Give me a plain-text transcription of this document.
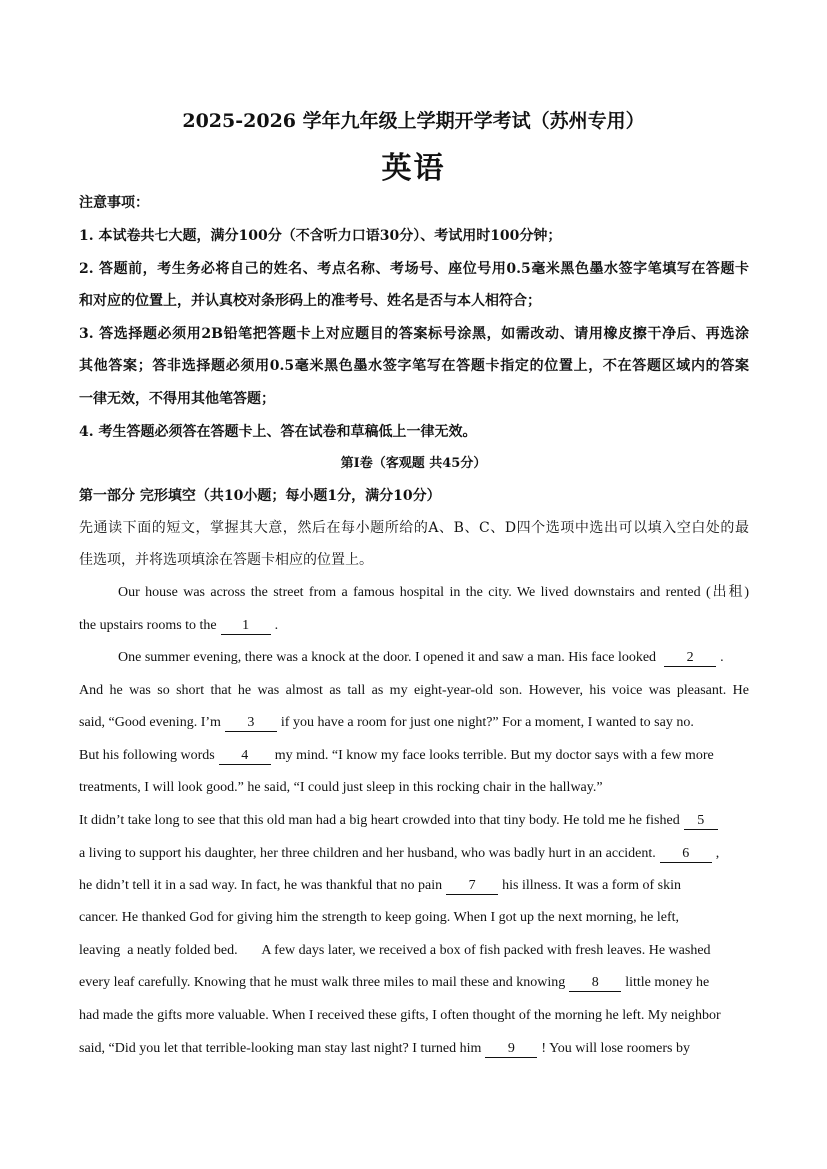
2025-2026 学年九年级上学期开学考试（苏州专用）
英语
注意事项：
1. 本试卷共七大题，满分100分（不含听力口语30分）、考试用时100分钟；
2. 答题前，考生务必将自己的姓名、考点名称、考场号、座位号用0.5毫米黑色墨水签字笔填写在答题卡
和对应的位置上，并认真校对条形码上的准考号、姓名是否与本人相符合；
3. 答选择题必须用2B铅笔把答题卡上对应题目的答案标号涂黑，如需改动、请用橡皮擦干净后、再选涂
其他答案；答非选择题必须用0.5毫米黑色墨水签字笔写在答题卡指定的位置上，不在答题区域内的答案
一律无效，不得用其他笔答题；
4. 考生答题必须答在答题卡上、答在试卷和草稿低上一律无效。
第Ⅰ卷（客观题 共45分）
第一部分 完形填空（共10小题；每小题1分，满分10分）
先通读下面的短文，掌握其大意，然后在每小题所给的A、B、C、D四个选项中选出可以填入空白处的最
佳选项，并将选项填涂在答题卡相应的位置上。
Our house was across the street from a famous hospital in the city. We lived downstairs and rented (出租)
the upstairs rooms to the 1 .
One summer evening, there was a knock at the door. I opened it and saw a man. His face looked 2 .
And he was so short that he was almost as tall as my eight-year-old son. However, his voice was pleasant. He
said, “Good evening. I’m 3 if you have a room for just one night?” For a moment, I wanted to say no.
But his following words 4 my mind. “I know my face looks terrible. But my doctor says with a few more
treatments, I will look good.” he said, “I could just sleep in this rocking chair in the hallway.”
It didn’t take long to see that this old man had a big heart crowded into that tiny body. He told me he fished 5
a living to support his daughter, her three children and her husband, who was badly hurt in an accident. 6 ,
he didn’t tell it in a sad way. In fact, he was thankful that no pain 7 his illness. It was a form of skin
cancer. He thanked God for giving him the strength to keep going. When I got up the next morning, he left,
leaving  a neatly folded bed.       A few days later, we received a box of fish packed with fresh leaves. He washed
every leaf carefully. Knowing that he must walk three miles to mail these and knowing 8 little money he
had made the gifts more valuable. When I received these gifts, I often thought of the morning he left. My neighbor
said, “Did you let that terrible-looking man stay last night? I turned him 9 ! You will lose roomers by
